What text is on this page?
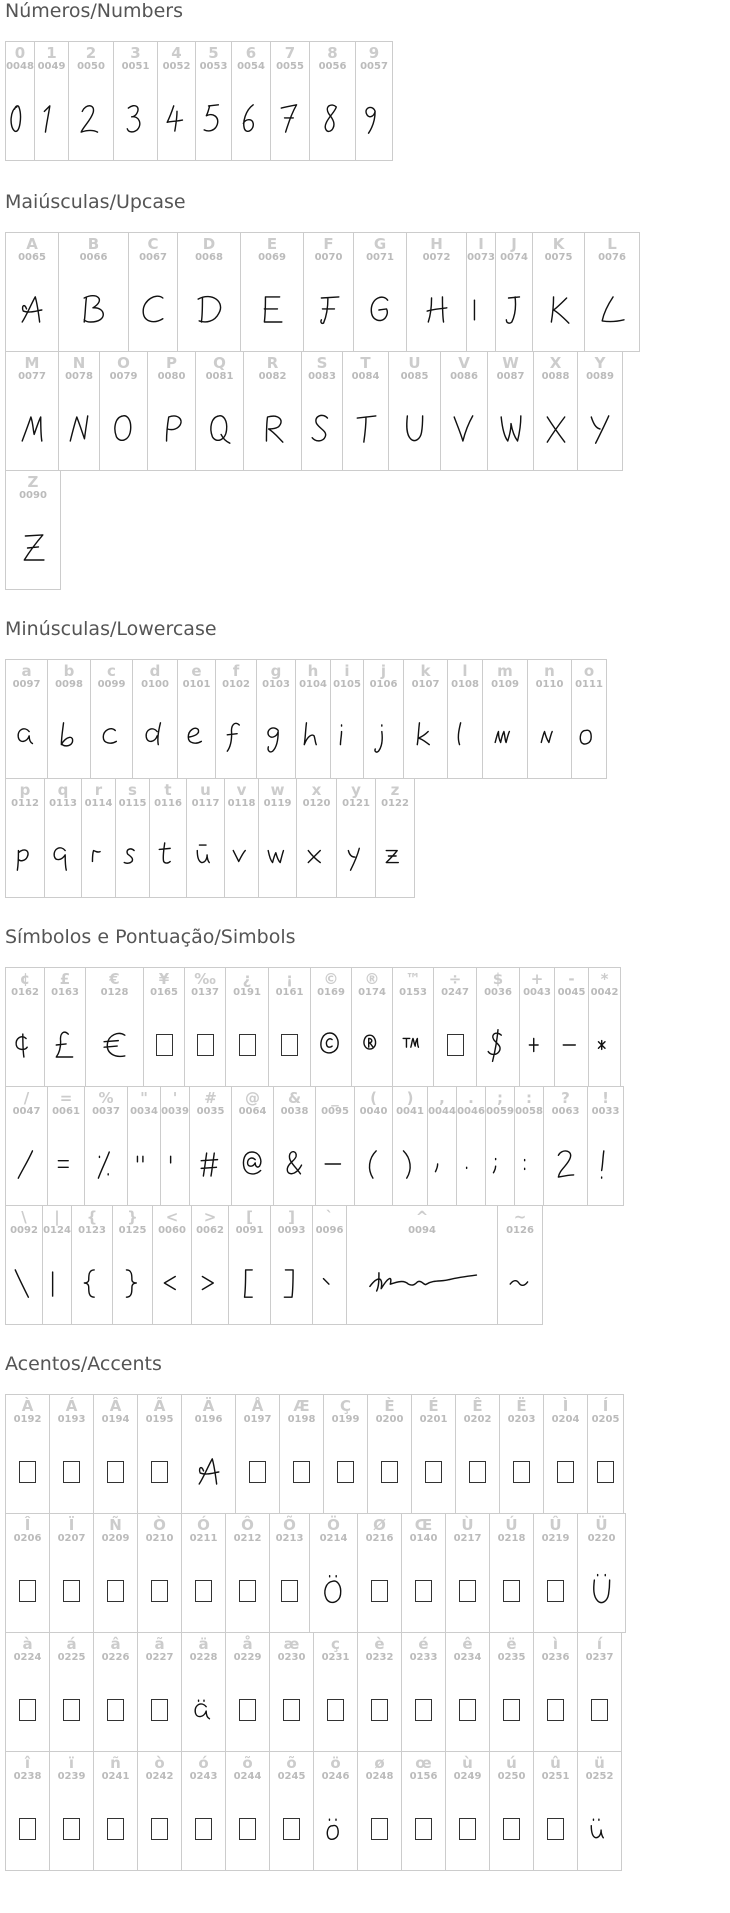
Números/Numbers
0
0048
1
0049
2
0050
3
0051
4
0052
5
0053
6
0054
7
0055
8
0056
9
0057
Maiúsculas/Upcase
A
0065
B
0066
C
0067
D
0068
E
0069
F
0070
G
0071
H
0072
I
0073
J
0074
K
0075
L
0076
M
0077
N
0078
O
0079
P
0080
Q
0081
R
0082
S
0083
T
0084
U
0085
V
0086
W
0087
X
0088
Y
0089
Z
0090
Minúsculas/Lowercase
a
0097
b
0098
c
0099
d
0100
e
0101
f
0102
g
0103
h
0104
i
0105
j
0106
k
0107
l
0108
m
0109
n
0110
o
0111
p
0112
q
0113
r
0114
s
0115
t
0116
u
0117
v
0118
w
0119
x
0120
y
0121
z
0122
Símbolos e Pontuação/Simbols
¢
0162
£
0163
€
0128
¥
0165
‰
0137
¿
0191
¡
0161
©
0169
®
0174
™
0153
÷
0247
$
0036
+
0043
-
0045
*
0042
/
0047
=
0061
%
0037
"
0034
'
0039
#
0035
@
0064
&
0038
_
0095
(
0040
)
0041
,
0044
.
0046
;
0059
:
0058
?
0063
!
0033
\
0092
|
0124
{
0123
}
0125
<
0060
>
0062
[
0091
]
0093
`
0096
^
0094
~
0126
Acentos/Accents
À
0192
Á
0193
Â
0194
Ã
0195
Ä
0196
Å
0197
Æ
0198
Ç
0199
È
0200
É
0201
Ê
0202
Ë
0203
Ì
0204
Í
0205
Î
0206
Ï
0207
Ñ
0209
Ò
0210
Ó
0211
Ô
0212
Õ
0213
Ö
0214
Ø
0216
Œ
0140
Ù
0217
Ú
0218
Û
0219
Ü
0220
à
0224
á
0225
â
0226
ã
0227
ä
0228
å
0229
æ
0230
ç
0231
è
0232
é
0233
ê
0234
ë
0235
ì
0236
í
0237
î
0238
ï
0239
ñ
0241
ò
0242
ó
0243
õ
0244
õ
0245
ö
0246
ø
0248
œ
0156
ù
0249
ú
0250
û
0251
ü
0252
